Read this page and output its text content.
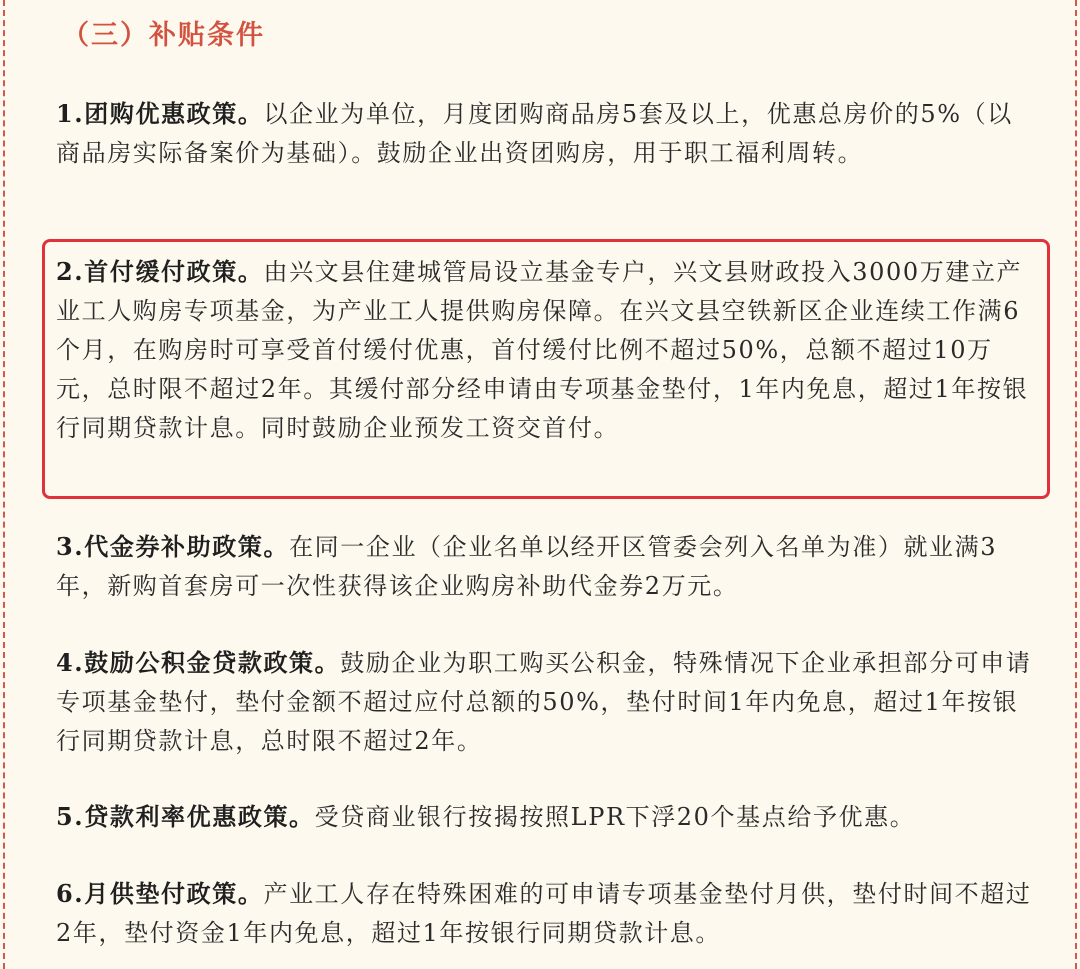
（三）补贴条件

1.团购优惠政策。以企业为单位，月度团购商品房5套及以上，优惠总房价的5%（以商品房实际备案价为基础）。鼓励企业出资团购房，用于职工福利周转。

2.首付缓付政策。由兴文县住建城管局设立基金专户，兴文县财政投入3000万建立产业工人购房专项基金，为产业工人提供购房保障。在兴文县空铁新区企业连续工作满6个月，在购房时可享受首付缓付优惠，首付缓付比例不超过50%，总额不超过10万元，总时限不超过2年。其缓付部分经申请由专项基金垫付，1年内免息，超过1年按银行同期贷款计息。同时鼓励企业预发工资交首付。

3.代金券补助政策。在同一企业（企业名单以经开区管委会列入名单为准）就业满3年，新购首套房可一次性获得该企业购房补助代金券2万元。

4.鼓励公积金贷款政策。鼓励企业为职工购买公积金，特殊情况下企业承担部分可申请专项基金垫付，垫付金额不超过应付总额的50%，垫付时间1年内免息，超过1年按银行同期贷款计息，总时限不超过2年。

5.贷款利率优惠政策。受贷商业银行按揭按照LPR下浮20个基点给予优惠。

6.月供垫付政策。产业工人存在特殊困难的可申请专项基金垫付月供，垫付时间不超过2年，垫付资金1年内免息，超过1年按银行同期贷款计息。
